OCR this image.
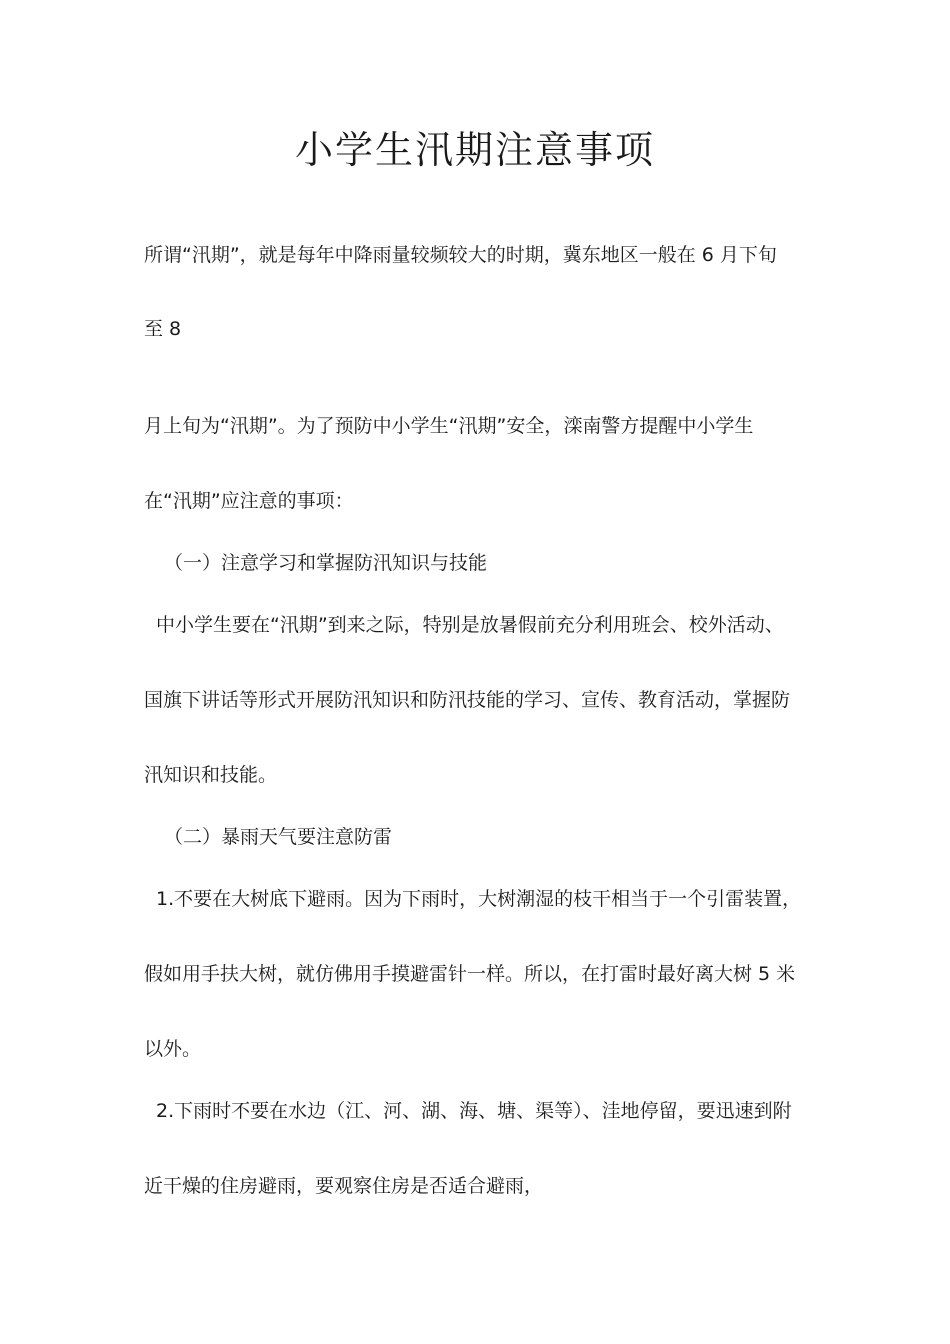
小学生汛期注意事项

所谓“汛期”，就是每年中降雨量较频较大的时期，冀东地区一般在 6 月下旬

至 8

月上旬为“汛期”。为了预防中小学生“汛期”安全，滦南警方提醒中小学生

在“汛期”应注意的事项：

（一）注意学习和掌握防汛知识与技能

中小学生要在“汛期”到来之际，特别是放暑假前充分利用班会、校外活动、

国旗下讲话等形式开展防汛知识和防汛技能的学习、宣传、教育活动，掌握防

汛知识和技能。

（二）暴雨天气要注意防雷

1.不要在大树底下避雨。因为下雨时，大树潮湿的枝干相当于一个引雷装置，

假如用手扶大树，就仿佛用手摸避雷针一样。所以，在打雷时最好离大树 5 米

以外。

2.下雨时不要在水边（江、河、湖、海、塘、渠等）、洼地停留，要迅速到附

近干燥的住房避雨，要观察住房是否适合避雨，
